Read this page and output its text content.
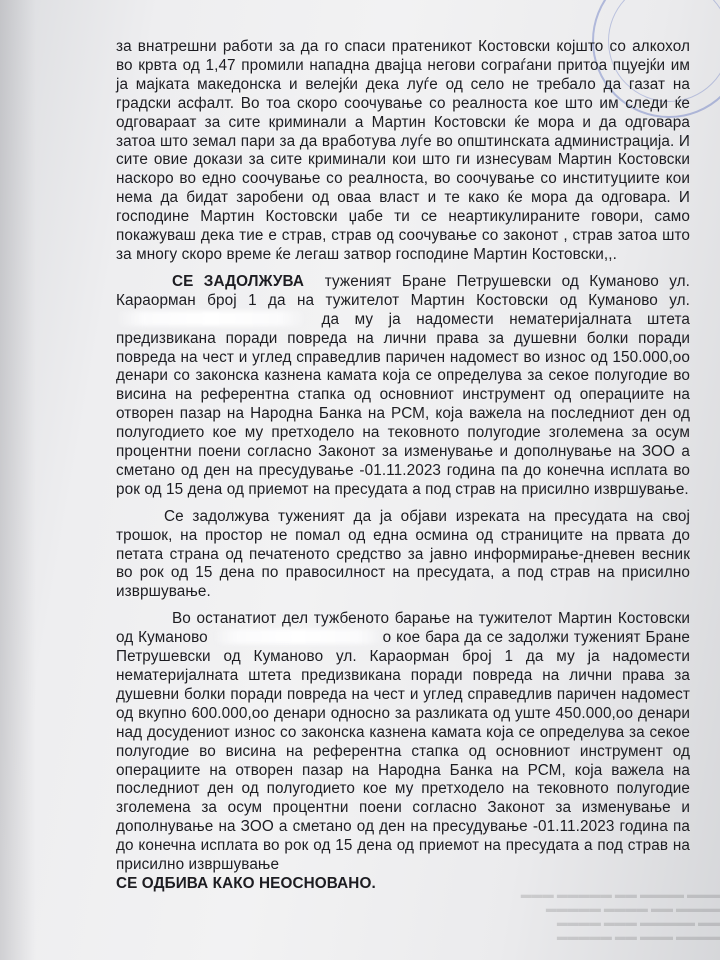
за внатрешни работи за да го спаси пратеникот Костовски којшто со алкохол во крвта од 1,47 промили нападна двајца негови сограѓани притоа пцуејќи им ја мајката македонска и велејќи дека луѓе од село не требало да газат на градски асфалт. Во тоа скоро соочување со реалноста кое што им следи ќе одговараат за сите криминали а Мартин Костовски ќе мора и да одговара затоа што земал пари за да вработува луѓе во општинската администрација. И сите овие докази за сите криминали кои што ги изнесувам Мартин Костовски наскоро во едно соочување со реалноста, во соочување со институциите кои нема да бидат заробени од оваа власт и те како ќе мора да одговара. И господине Мартин Костовски џабе ти се неартикулираните говори, само покажуваш дека тие е страв, страв од соочување со законот , страв затоа што за многу скоро време ќе легаш затвор господине Мартин Костовски,,.

СЕ ЗАДОЛЖУВА туженият Бране Петрушевски од Куманово ул. Караорман број 1 да на тужителот Мартин Костовски од Куманово ул.  да му ја надомести нематеријалната штета предизвикана поради повреда на лични права за душевни болки поради повреда на чест и углед справедлив паричен надомест во износ од 150.000,оо денари со законска казнена камата која се определува за секое полугодие во висина на референтна стапка од основниот инструмент од операциите на отворен пазар на Народна Банка на РСМ, која важела на последниот ден од полугодието кое му претходело на тековното полугодие зголемена за осум процентни поени согласно Законот за изменување и дополнување на ЗОО а сметано од ден на пресудување -01.11.2023 година па до конечна исплата во рок од 15 дена од приемот на пресудата а под страв на присилно извршување.

Се задолжува туженият да ја објави изреката на пресудата на свој трошок, на простор не помал од една осмина од страниците на првата до петата страна од печатеното средство за јавно информирање-дневен весник во рок од 15 дена по правосилност на пресудата, а под страв на присилно извршување.

Во останатиот дел тужбеното барање на тужителот Мартин Костовски од Куманово	о кое бара да се задолжи туженият Бране Петрушевски од Куманово ул. Караорман број 1 да му ја надомести нематеријалната штета предизвикана поради повреда на лични права за душевни болки поради повреда на чест и углед справедлив паричен надомест од вкупно 600.000,оо денари односно за разликата од уште 450.000,оо денари над досудениот износ со законска казнена камата која се определува за секое полугодие во висина на референтна стапка од основниот инструмент од операциите на отворен пазар на Народна Банка на РСМ, која важела на последниот ден од полугодието кое му претходело на тековното полугодие зголемена за осум процентни поени согласно Законот за изменување и дополнување на ЗОО а сметано од ден на пресудување -01.11.2023 година па до конечна исплата во рок од 15 дена од приемот на пресудата а под страв на присилно извршување

СЕ ОДБИВА КАКО НЕОСНОВАНО.

▬▬▬ ▬▬▬▬ ▬▬ ▬▬▬▬▬ ▬▬▬
▬▬▬▬ ▬▬ ▬▬▬▬ ▬▬▬▬▬
▬▬ ▬▬▬▬▬ ▬▬▬ ▬▬▬▬
▬▬▬▬ ▬▬▬ ▬▬ ▬▬▬▬▬
